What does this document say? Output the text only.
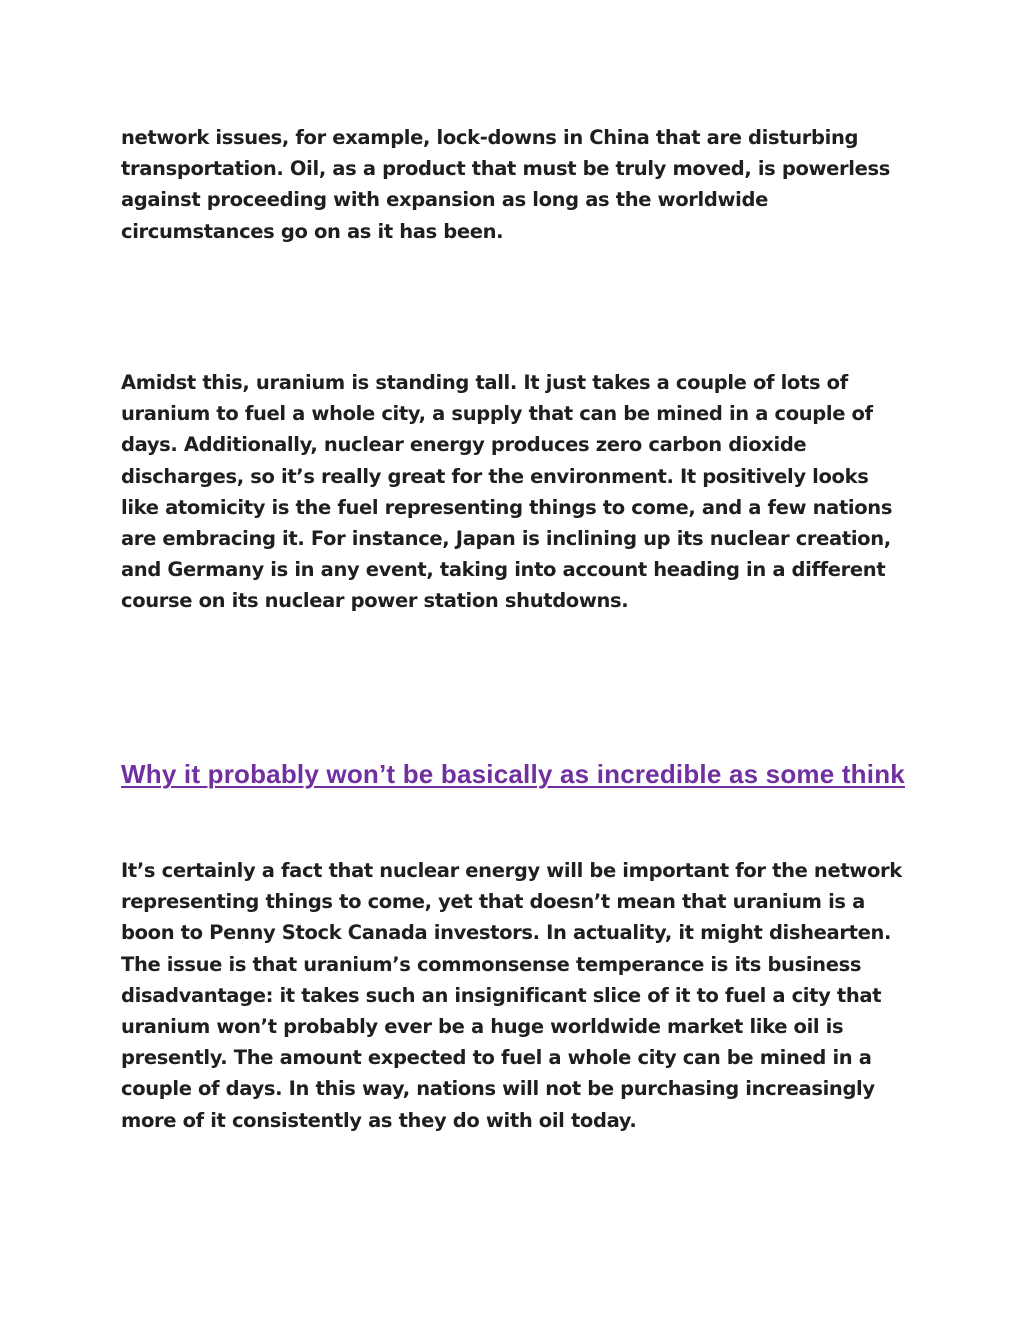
network issues, for example, lock-downs in China that are disturbing transportation. Oil, as a product that must be truly moved, is powerless against proceeding with expansion as long as the worldwide circumstances go on as it has been.

Amidst this, uranium is standing tall. It just takes a couple of lots of uranium to fuel a whole city, a supply that can be mined in a couple of days. Additionally, nuclear energy produces zero carbon dioxide discharges, so it’s really great for the environment. It positively looks like atomicity is the fuel representing things to come, and a few nations are embracing it. For instance, Japan is inclining up its nuclear creation, and Germany is in any event, taking into account heading in a different course on its nuclear power station shutdowns.

Why it probably won’t be basically as incredible as some think

It’s certainly a fact that nuclear energy will be important for the network representing things to come, yet that doesn’t mean that uranium is a boon to Penny Stock Canada investors. In actuality, it might dishearten. The issue is that uranium’s commonsense temperance is its business disadvantage: it takes such an insignificant slice of it to fuel a city that uranium won’t probably ever be a huge worldwide market like oil is presently. The amount expected to fuel a whole city can be mined in a couple of days. In this way, nations will not be purchasing increasingly more of it consistently as they do with oil today.
